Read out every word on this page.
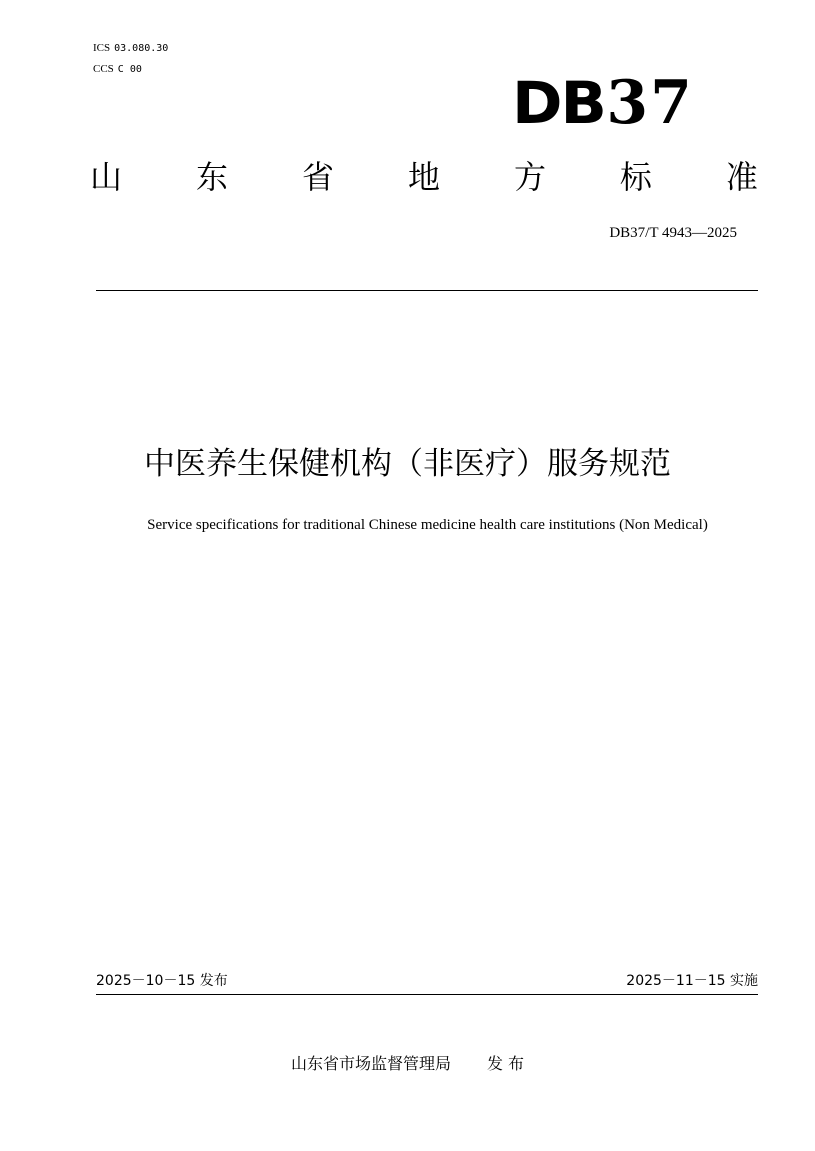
ICS 03.080.30
CCS C 00	DB 37
山 东 省 地 方 标 准
DB37/T 4943—2025
中医养生保健机构（非医疗）服务规范
Service specifications for traditional Chinese medicine health care institutions (Non Medical)
2025－10－15 发布	2025－11－15 实施
山东省市场监督管理局 发 布
